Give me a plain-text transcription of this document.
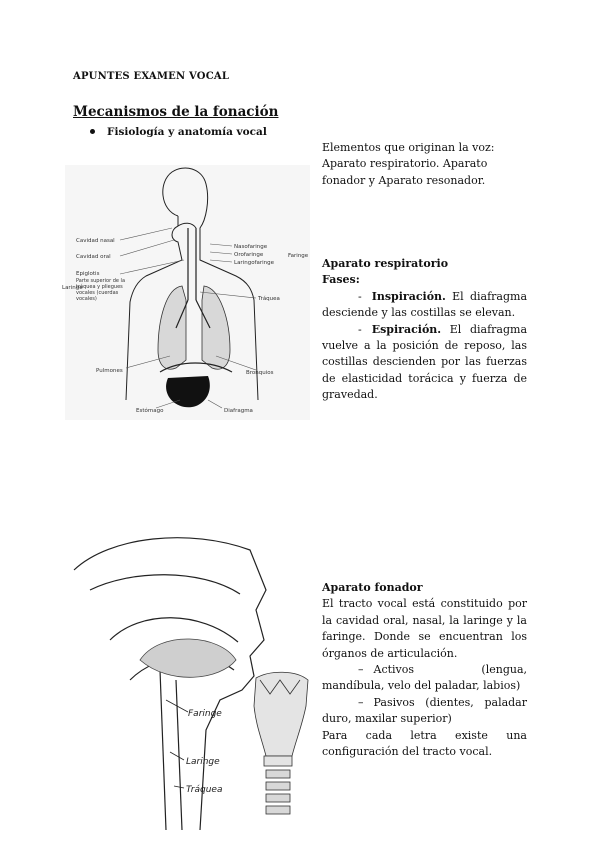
APUNTES EXAMEN VOCAL
Mecanismos de la fonación
Fisiología y anatomía vocal
Elementos que originan la voz: Aparato respiratorio. Aparato fonador y Aparato resonador.
Aparato respiratorio
Fases:
- Inspiración. El diafragma desciende y las costillas se elevan.
- Espiración. El diafragma vuelve a la posición de reposo, las costillas descienden por las fuerzas de elasticidad torácica y fuerza de gravedad.
Aparato fonador
El tracto vocal está constituido por la cavidad oral, nasal, la laringe y la faringe. Donde se encuentran los órganos de articulación.
– Activos (lengua, mandíbula, velo del paladar, labios)
– Pasivos (dientes, paladar duro, maxilar superior)
Para cada letra existe una configuración del tracto vocal.
Cavidad nasal
Cavidad oral
Epiglotis
Laringe
Parte superior de la tráquea y pliegues vocales (cuerdas vocales)
Nasofaringe
Orofaringe
Laringofaringe
Faringe
Tráquea
Pulmones	Bronquios
Estómago	Diafragma
Faringe
Laringe
Tráquea
